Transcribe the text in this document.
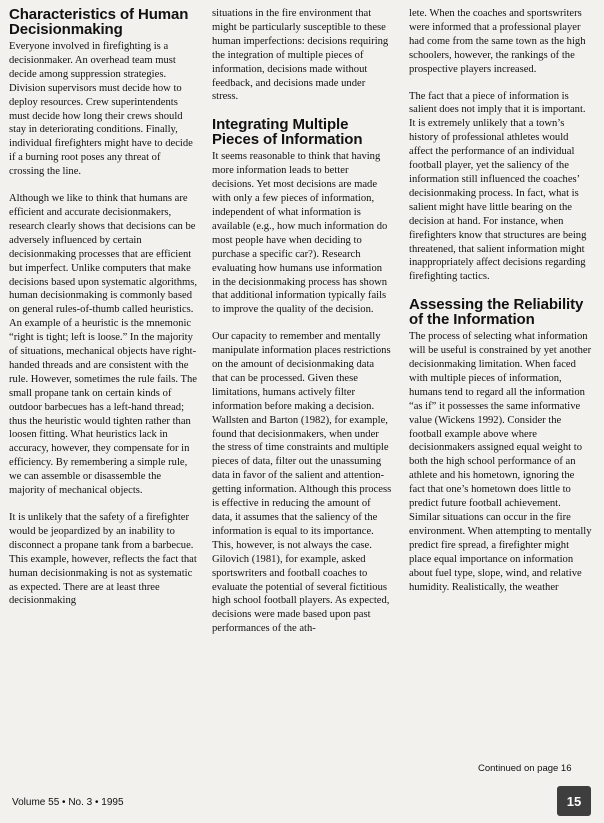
Characteristics of Human Decisionmaking

Everyone involved in firefighting is a decisionmaker. An overhead team must decide among suppression strategies. Division supervisors must decide how to deploy resources. Crew superintendents must decide how long their crews should stay in deteriorating conditions. Finally, individual firefighters might have to decide if a burning root poses any threat of crossing the line.

Although we like to think that humans are efficient and accurate decisionmakers, research clearly shows that decisions can be adversely influenced by certain decisionmaking processes that are efficient but imperfect. Unlike computers that make decisions based upon systematic algorithms, human decisionmaking is commonly based on general rules-of-thumb called heuristics. An example of a heuristic is the mnemonic “right is tight; left is loose.” In the majority of situations, mechanical objects have right-handed threads and are consistent with the rule. However, sometimes the rule fails. The small propane tank on certain kinds of outdoor barbecues has a left-hand thread; thus the heuristic would tighten rather than loosen fitting. What heuristics lack in accuracy, however, they compensate for in efficiency. By remembering a simple rule, we can assemble or disassemble the majority of mechanical objects.

It is unlikely that the safety of a firefighter would be jeopardized by an inability to disconnect a propane tank from a barbecue. This example, however, reflects the fact that human decisionmaking is not as systematic as expected. There are at least three decisionmaking

situations in the fire environment that might be particularly susceptible to these human imperfections: decisions requiring the integration of multiple pieces of information, decisions made without feedback, and decisions made under stress.

Integrating Multiple Pieces of Information

It seems reasonable to think that having more information leads to better decisions. Yet most decisions are made with only a few pieces of information, independent of what information is available (e.g., how much information do most people have when deciding to purchase a specific car?). Research evaluating how humans use information in the decisionmaking process has shown that additional information typically fails to improve the quality of the decision.

Our capacity to remember and mentally manipulate information places restrictions on the amount of decisionmaking data that can be processed. Given these limitations, humans actively filter information before making a decision. Wallsten and Barton (1982), for example, found that decisionmakers, when under the stress of time constraints and multiple pieces of data, filter out the unassuming data in favor of the salient and attention-getting information. Although this process is effective in reducing the amount of data, it assumes that the saliency of the information is equal to its importance. This, however, is not always the case. Gilovich (1981), for example, asked sportswriters and football coaches to evaluate the potential of several fictitious high school football players. As expected, decisions were made based upon past performances of the ath-

lete. When the coaches and sportswriters were informed that a professional player had come from the same town as the high schoolers, however, the rankings of the prospective players increased.

The fact that a piece of information is salient does not imply that it is important. It is extremely unlikely that a town’s history of professional athletes would affect the performance of an individual football player, yet the saliency of the information still influenced the coaches’ decisionmaking process. In fact, what is salient might have little bearing on the decision at hand. For instance, when firefighters know that structures are being threatened, that salient information might inappropriately affect decisions regarding firefighting tactics.

Assessing the Reliability of the Information

The process of selecting what information will be useful is constrained by yet another decisionmaking limitation. When faced with multiple pieces of information, humans tend to regard all the information “as if” it possesses the same informative value (Wickens 1992). Consider the football example above where decisionmakers assigned equal weight to both the high school performance of an athlete and his hometown, ignoring the fact that one’s hometown does little to predict future football achievement. Similar situations can occur in the fire environment. When attempting to mentally predict fire spread, a firefighter might place equal importance on information about fuel type, slope, wind, and relative humidity. Realistically, the weather

Continued on page 16
Volume 55 • No. 3 • 1995	15
